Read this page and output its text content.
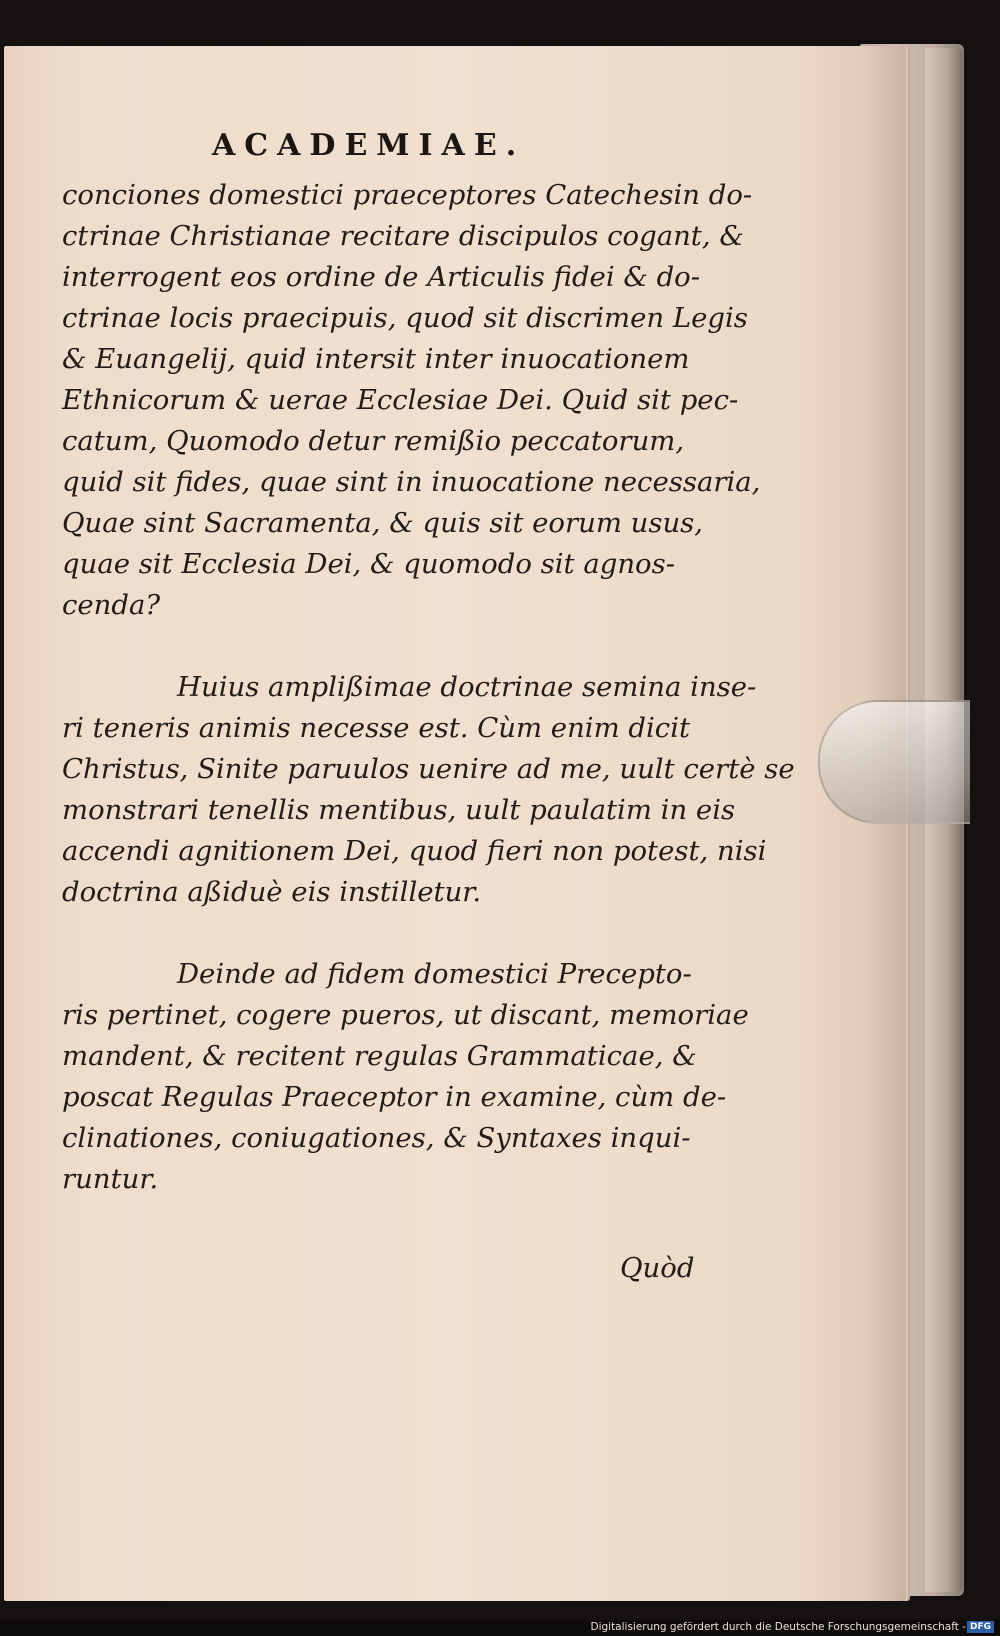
ACADEMIAE.
conciones domestici praeceptores Catechesin do-
ctrinae Christianae recitare discipulos cogant, &
interrogent eos ordine de Articulis fidei & do-
ctrinae locis praecipuis, quod sit discrimen Legis
& Euangelij, quid intersit inter inuocationem
Ethnicorum & uerae Ecclesiae Dei. Quid sit pec-
catum, Quomodo detur remißio peccatorum,
quid sit fides, quae sint in inuocatione necessaria,
Quae sint Sacramenta, & quis sit eorum usus,
quae sit Ecclesia Dei, & quomodo sit agnos-
cenda?
Huius amplißimae doctrinae semina inse-
ri teneris animis necesse est. Cùm enim dicit
Christus, Sinite paruulos uenire ad me, uult certè se
monstrari tenellis mentibus, uult paulatim in eis
accendi agnitionem Dei, quod fieri non potest, nisi
doctrina aßiduè eis instilletur.
Deinde ad fidem domestici Precepto-
ris pertinet, cogere pueros, ut discant, memoriae
mandent, & recitent regulas Grammaticae, &
poscat Regulas Praeceptor in examine, cùm de-
clinationes, coniugationes, & Syntaxes inqui-
runtur.

Quòd

Digitalisierung gefördert durch die Deutsche Forschungsgemeinschaft - DFG
